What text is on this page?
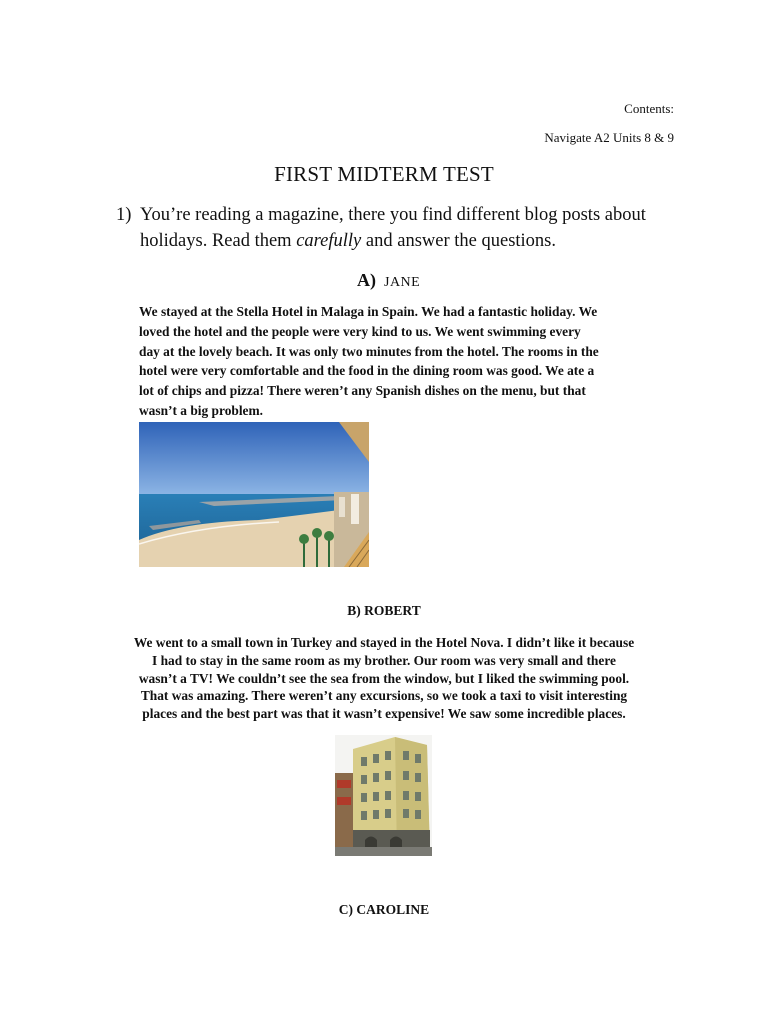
Contents:
Navigate A2 Units 8 & 9
FIRST MIDTERM TEST
1) You’re reading a magazine, there you find different blog posts about holidays. Read them carefully and answer the questions.
A) JANE
We stayed at the Stella Hotel in Malaga in Spain. We had a fantastic holiday. We
loved the hotel and the people were very kind to us. We went swimming every
day at the lovely beach. It was only two minutes from the hotel. The rooms in the
hotel were very comfortable and the food in the dining room was good. We ate a
lot of chips and pizza! There weren’t any Spanish dishes on the menu, but that
wasn’t a big problem.
B) ROBERT
We went to a small town in Turkey and stayed in the Hotel Nova. I didn’t like it because
I had to stay in the same room as my brother. Our room was very small and there
wasn’t a TV! We couldn’t see the sea from the window, but I liked the swimming pool.
That was amazing. There weren’t any excursions, so we took a taxi to visit interesting
places and the best part was that it wasn’t expensive! We saw some incredible places.
C) CAROLINE
